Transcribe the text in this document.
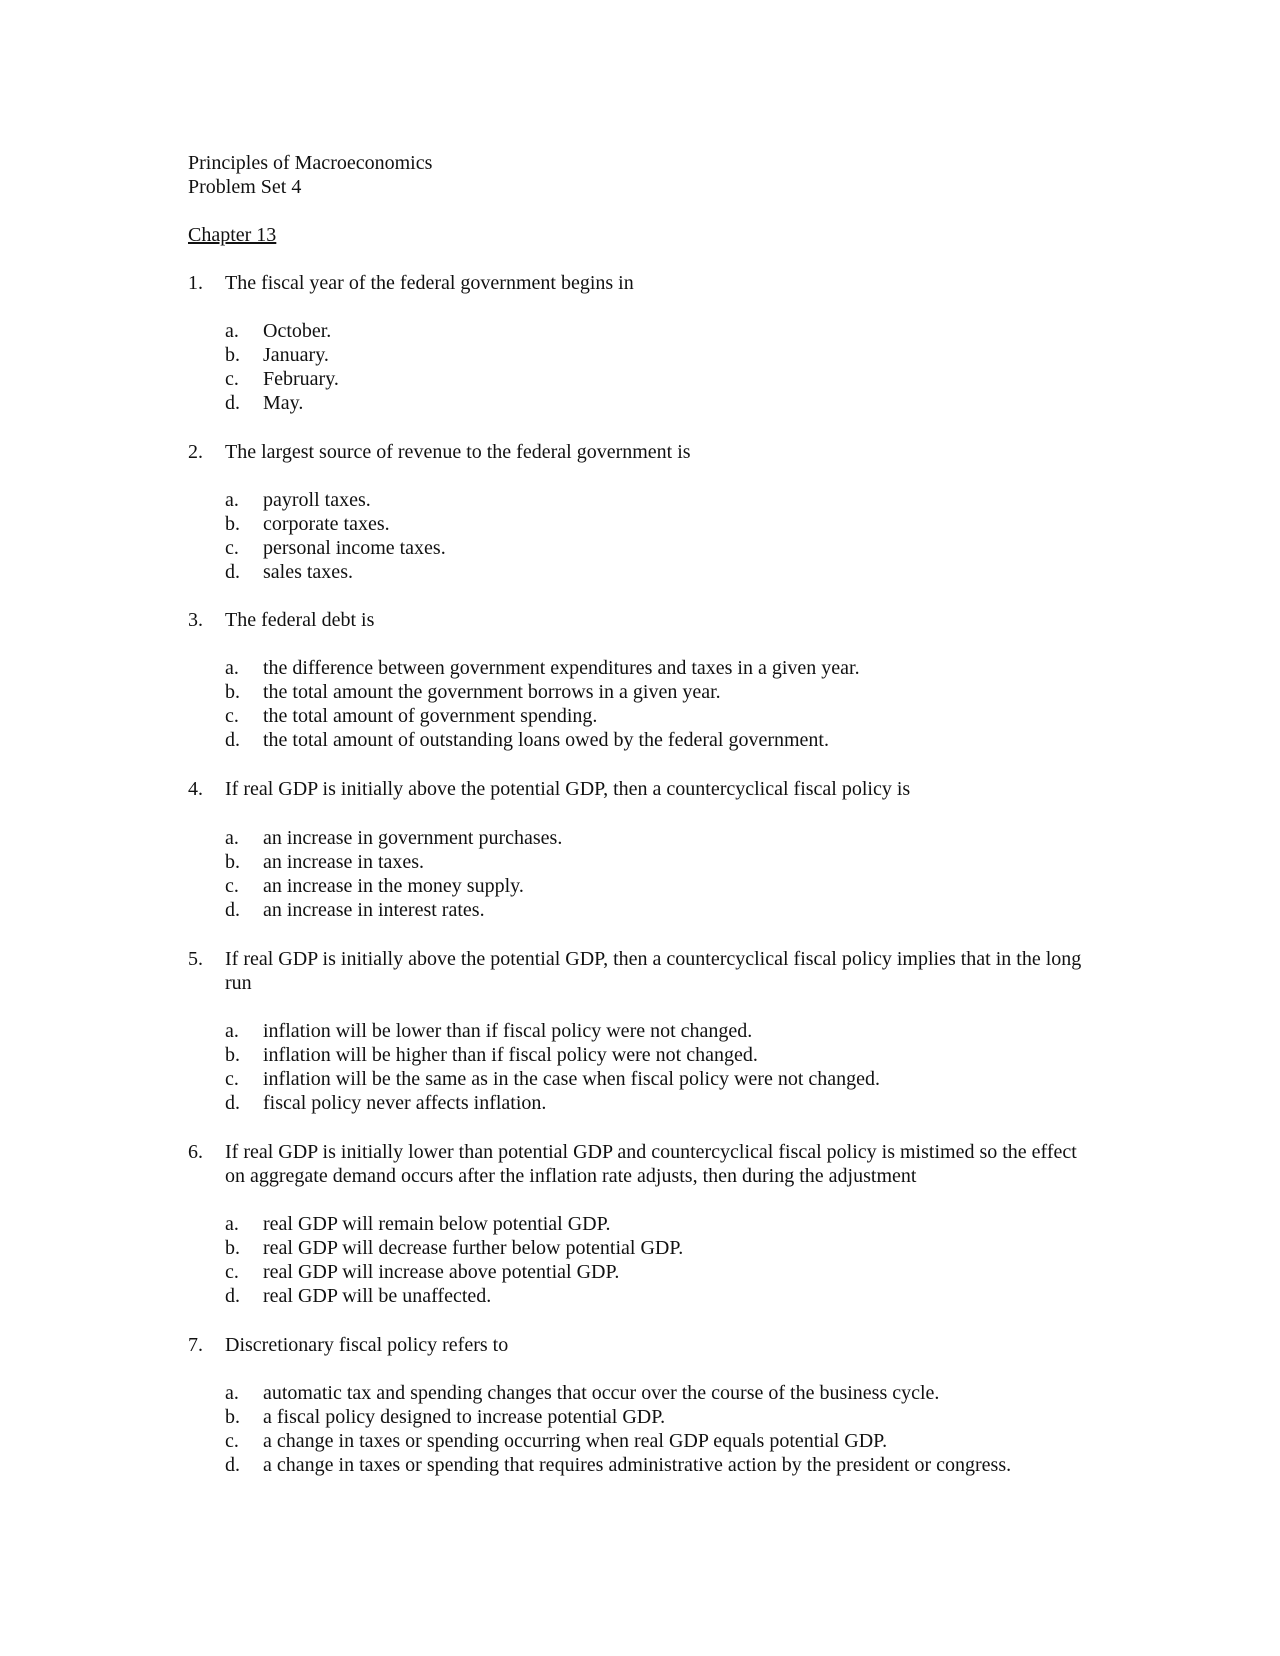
Principles of Macroeconomics
Problem Set 4
Chapter 13
1. The fiscal year of the federal government begins in
a. October.
b. January.
c. February.
d. May.
2. The largest source of revenue to the federal government is
a. payroll taxes.
b. corporate taxes.
c. personal income taxes.
d. sales taxes.
3. The federal debt is
a. the difference between government expenditures and taxes in a given year.
b. the total amount the government borrows in a given year.
c. the total amount of government spending.
d. the total amount of outstanding loans owed by the federal government.
4. If real GDP is initially above the potential GDP, then a countercyclical fiscal policy is
a. an increase in government purchases.
b. an increase in taxes.
c. an increase in the money supply.
d. an increase in interest rates.
5. If real GDP is initially above the potential GDP, then a countercyclical fiscal policy implies that in the long run
a. inflation will be lower than if fiscal policy were not changed.
b. inflation will be higher than if fiscal policy were not changed.
c. inflation will be the same as in the case when fiscal policy were not changed.
d. fiscal policy never affects inflation.
6. If real GDP is initially lower than potential GDP and countercyclical fiscal policy is mistimed so the effect on aggregate demand occurs after the inflation rate adjusts, then during the adjustment
a. real GDP will remain below potential GDP.
b. real GDP will decrease further below potential GDP.
c. real GDP will increase above potential GDP.
d. real GDP will be unaffected.
7. Discretionary fiscal policy refers to
a. automatic tax and spending changes that occur over the course of the business cycle.
b. a fiscal policy designed to increase potential GDP.
c. a change in taxes or spending occurring when real GDP equals potential GDP.
d. a change in taxes or spending that requires administrative action by the president or congress.
